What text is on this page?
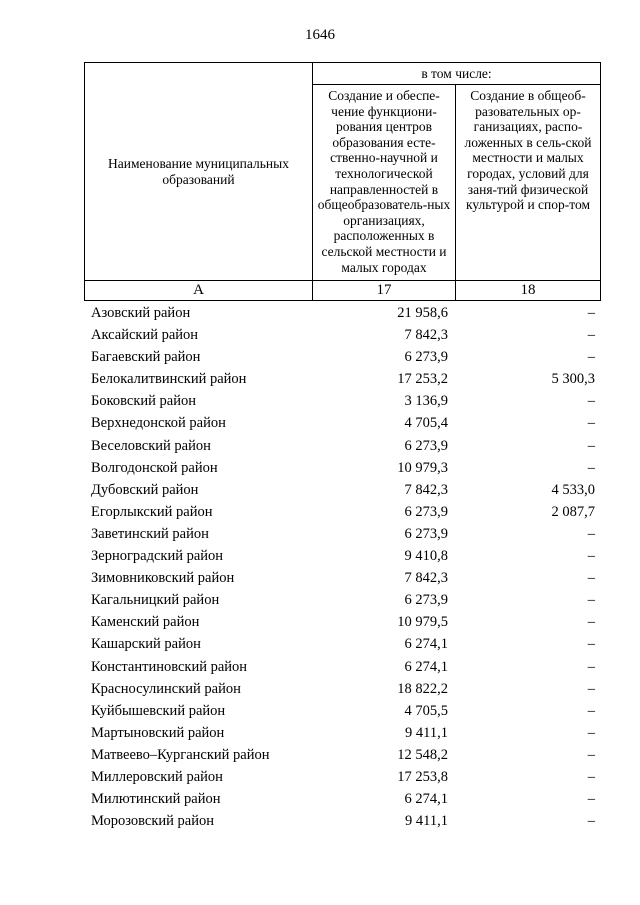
1646
Наименование муниципальных образований	в том числе:	
	Создание и обеспе-чение функциони-рования центров образования есте-ственно-научной и технологической направленностей в общеобразователь-ных организациях, расположенных в сельской местности и малых городах	Создание в общеоб-разовательных ор-ганизациях, распо-ложенных в сель-ской местности и малых городах, условий для заня-тий физической культурой и спор-том
А	17	18
Азовский район	21 958,6	–
Аксайский район	7 842,3	–
Багаевский район	6 273,9	–
Белокалитвинский район	17 253,2	5 300,3
Боковский район	3 136,9	–
Верхнедонской район	4 705,4	–
Веселовский район	6 273,9	–
Волгодонской район	10 979,3	–
Дубовский район	7 842,3	4 533,0
Егорлыкский район	6 273,9	2 087,7
Заветинский район	6 273,9	–
Зерноградский район	9 410,8	–
Зимовниковский район	7 842,3	–
Кагальницкий район	6 273,9	–
Каменский район	10 979,5	–
Кашарский район	6 274,1	–
Константиновский район	6 274,1	–
Красносулинский район	18 822,2	–
Куйбышевский район	4 705,5	–
Мартыновский район	9 411,1	–
Матвеево–Курганский район	12 548,2	–
Миллеровский район	17 253,8	–
Милютинский район	6 274,1	–
Морозовский район	9 411,1	–
